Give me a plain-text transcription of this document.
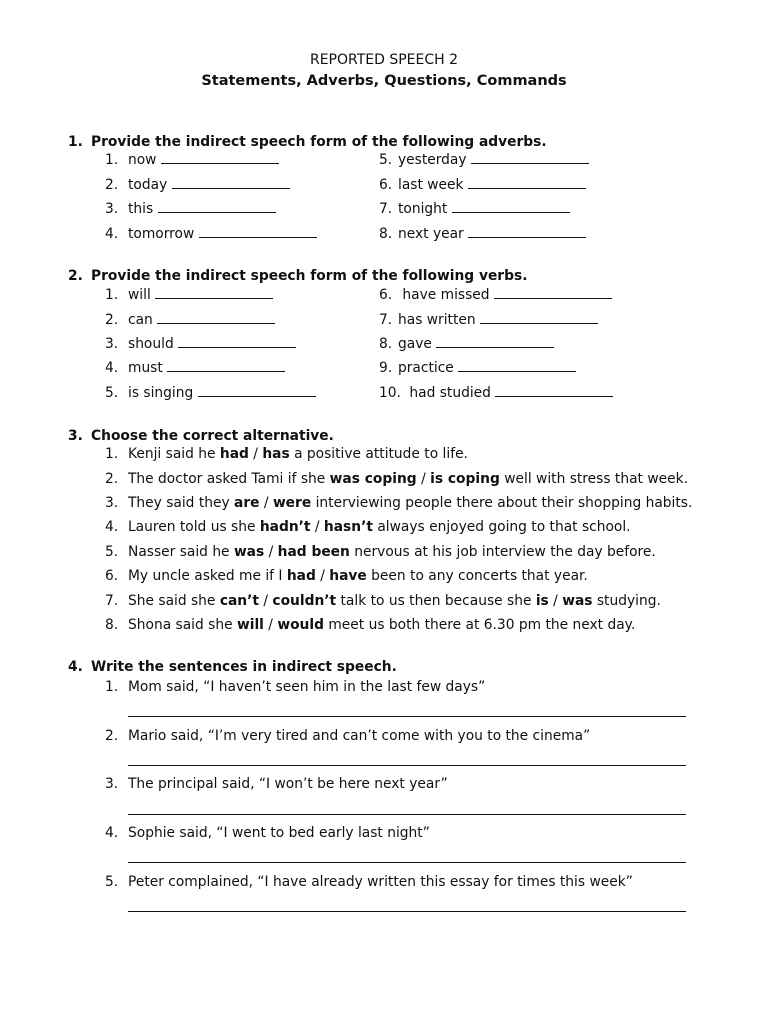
REPORTED SPEECH 2
Statements, Adverbs, Questions, Commands
1. Provide the indirect speech form of the following adverbs.
1. now
2. today
3. this
4. tomorrow
5. yesterday
6. last week
7. tonight
8. next year
2. Provide the indirect speech form of the following verbs.
1. will
2. can
3. should
4. must
5. is singing
6. have missed
7. has written
8. gave
9. practice
10. had studied
3. Choose the correct alternative.
1. Kenji said he had / has a positive attitude to life.
2. The doctor asked Tami if she was coping / is coping well with stress that week.
3. They said they are / were interviewing people there about their shopping habits.
4. Lauren told us she hadn’t / hasn’t always enjoyed going to that school.
5. Nasser said he was / had been nervous at his job interview the day before.
6. My uncle asked me if I had / have been to any concerts that year.
7. She said she can’t / couldn’t talk to us then because she is / was studying.
8. Shona said she will / would meet us both there at 6.30 pm the next day.
4. Write the sentences in indirect speech.
1. Mom said, “I haven’t seen him in the last few days”
2. Mario said, “I’m very tired and can’t come with you to the cinema”
3. The principal said, “I won’t be here next year”
4. Sophie said, “I went to bed early last night”
5. Peter complained, “I have already written this essay for times this week”
